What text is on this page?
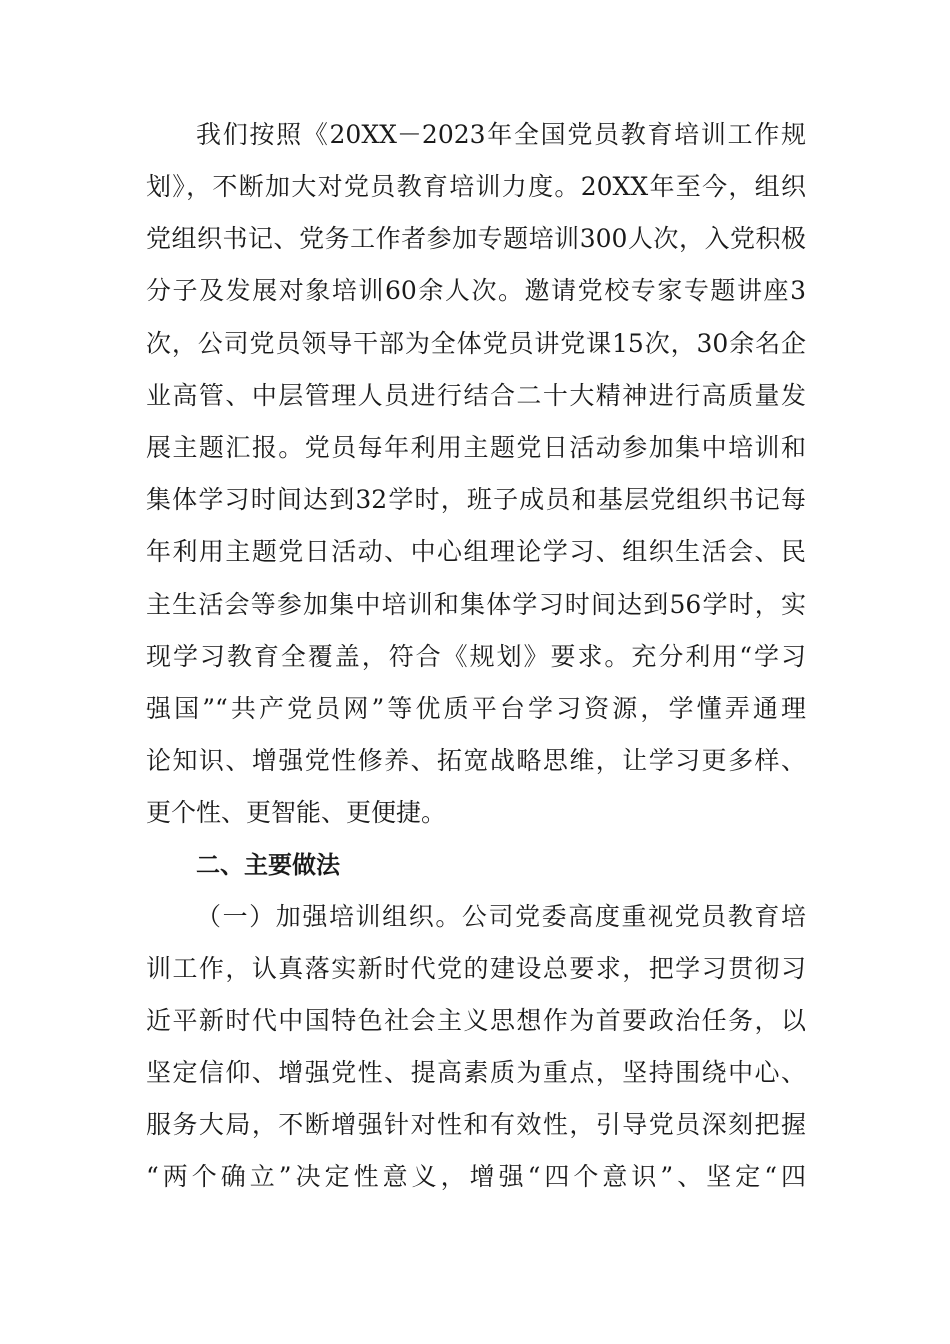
我们按照《20XX－2023年全国党员教育培训工作规
划》，不断加大对党员教育培训力度。20XX年至今，组织
党组织书记、党务工作者参加专题培训300人次，入党积极
分子及发展对象培训60余人次。邀请党校专家专题讲座3
次，公司党员领导干部为全体党员讲党课15次，30余名企
业高管、中层管理人员进行结合二十大精神进行高质量发
展主题汇报。党员每年利用主题党日活动参加集中培训和
集体学习时间达到32学时，班子成员和基层党组织书记每
年利用主题党日活动、中心组理论学习、组织生活会、民
主生活会等参加集中培训和集体学习时间达到56学时，实
现学习教育全覆盖，符合《规划》要求。充分利用“学习
强国”“共产党员网”等优质平台学习资源，学懂弄通理
论知识、增强党性修养、拓宽战略思维，让学习更多样、
更个性、更智能、更便捷。
二、主要做法
（一）加强培训组织。公司党委高度重视党员教育培
训工作，认真落实新时代党的建设总要求，把学习贯彻习
近平新时代中国特色社会主义思想作为首要政治任务，以
坚定信仰、增强党性、提高素质为重点，坚持围绕中心、
服务大局，不断增强针对性和有效性，引导党员深刻把握
“两个确立”决定性意义，增强“四个意识”、坚定“四
